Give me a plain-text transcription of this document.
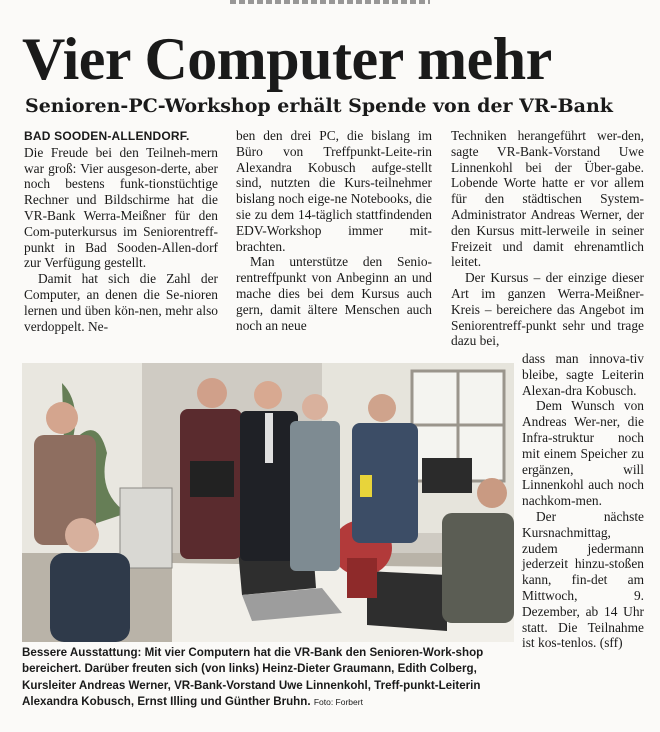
Vier Computer mehr
Senioren-PC-Workshop erhält Spende von der VR-Bank

BAD SOODEN-ALLENDORF.
Die Freude bei den Teilneh-mern war groß: Vier ausgeson-derte, aber noch bestens funk-tionstüchtige Rechner und Bildschirme hat die VR-Bank Werra-Meißner für den Com-puterkursus im Seniorentreff-punkt in Bad Sooden-Allen-dorf zur Verfügung gestellt.

Damit hat sich die Zahl der Computer, an denen die Se-nioren lernen und üben kön-nen, mehr also verdoppelt. Ne-

ben den drei PC, die bislang im Büro von Treffpunkt-Leite-rin Alexandra Kobusch aufge-stellt sind, nutzten die Kurs-teilnehmer bislang noch eige-ne Notebooks, die sie zu dem 14-täglich stattfindenden EDV-Workshop immer mit-brachten.

Man unterstütze den Senio-rentreffpunkt von Anbeginn an und mache dies bei dem Kursus auch gern, damit ältere Menschen auch noch an neue

Techniken herangeführt wer-den, sagte VR-Bank-Vorstand Uwe Linnenkohl bei der Über-gabe. Lobende Worte hatte er vor allem für den städtischen System-Administrator Andreas Werner, der den Kursus mitt-lerweile in seiner Freizeit und damit ehrenamtlich leitet.

Der Kursus – der einzige dieser Art im ganzen Werra-Meißner-Kreis – bereichere das Angebot im Seniorentreff-punkt sehr und trage dazu bei,

dass man innova-tiv bleibe, sagte Leiterin Alexan-dra Kobusch.

Dem Wunsch von Andreas Wer-ner, die Infra-struktur noch mit einem Speicher zu ergänzen, will Linnenkohl auch noch nachkom-men.

Der nächste Kursnachmittag, zudem jedermann jederzeit hinzu-stoßen kann, fin-det am Mittwoch, 9. Dezember, ab 14 Uhr statt. Die Teilnahme ist kos-tenlos. (sff)

Bessere Ausstattung: Mit vier Computern hat die VR-Bank den Senioren-Work-shop bereichert. Darüber freuten sich (von links) Heinz-Dieter Graumann, Edith Colberg, Kursleiter Andreas Werner, VR-Bank-Vorstand Uwe Linnenkohl, Treff-punkt-Leiterin Alexandra Kobusch, Ernst Illing und Günther Bruhn. Foto: Forbert
